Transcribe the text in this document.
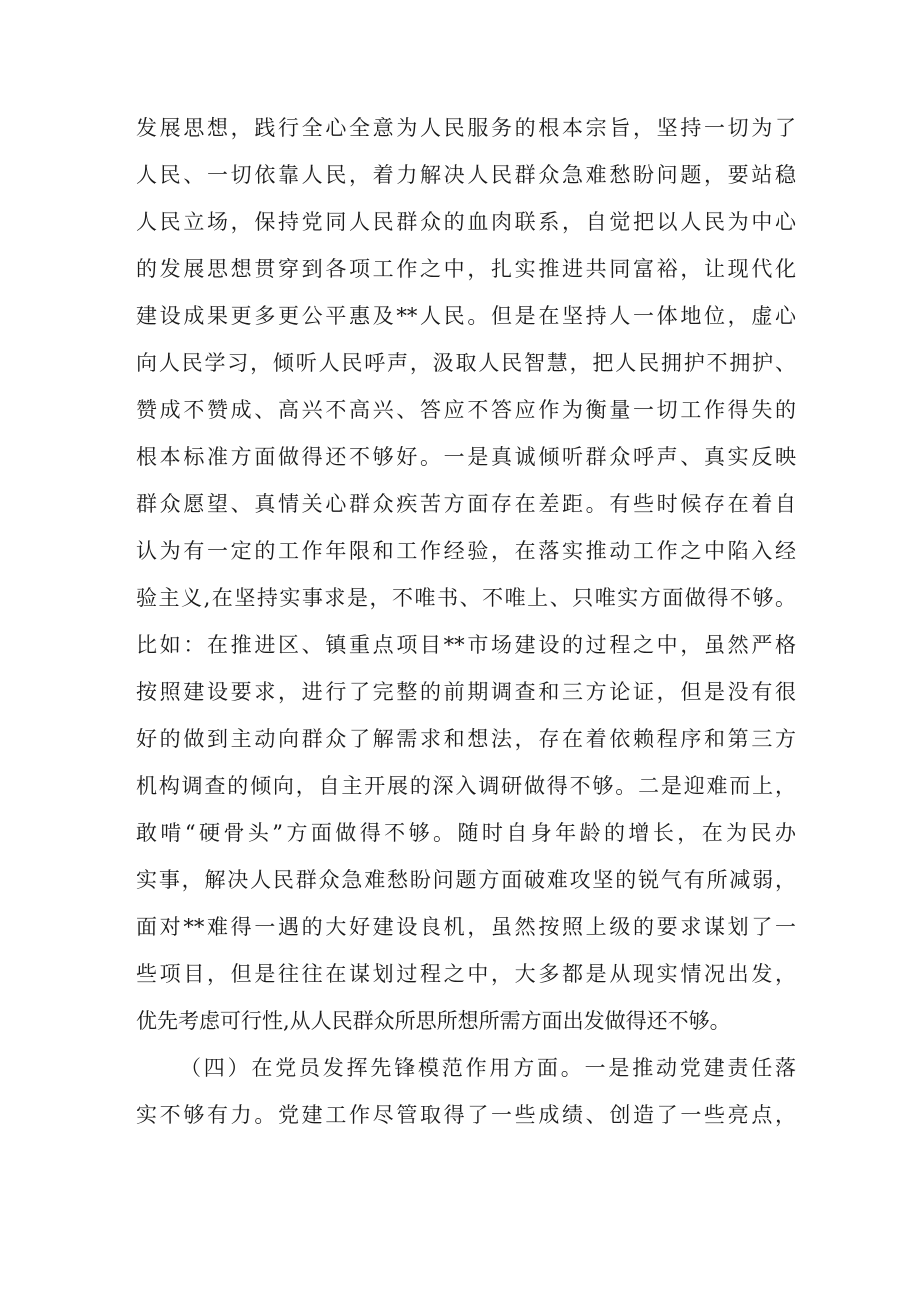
发展思想，践行全心全意为人民服务的根本宗旨，坚持一切为了
人民、一切依靠人民，着力解决人民群众急难愁盼问题，要站稳
人民立场，保持党同人民群众的血肉联系，自觉把以人民为中心
的发展思想贯穿到各项工作之中，扎实推进共同富裕，让现代化
建设成果更多更公平惠及**人民。但是在坚持人一体地位，虚心
向人民学习，倾听人民呼声，汲取人民智慧，把人民拥护不拥护、
赞成不赞成、高兴不高兴、答应不答应作为衡量一切工作得失的
根本标准方面做得还不够好。一是真诚倾听群众呼声、真实反映
群众愿望、真情关心群众疾苦方面存在差距。有些时候存在着自
认为有一定的工作年限和工作经验，在落实推动工作之中陷入经
验主义,在坚持实事求是，不唯书、不唯上、只唯实方面做得不够。
比如：在推进区、镇重点项目**市场建设的过程之中，虽然严格
按照建设要求，进行了完整的前期调查和三方论证，但是没有很
好的做到主动向群众了解需求和想法，存在着依赖程序和第三方
机构调查的倾向，自主开展的深入调研做得不够。二是迎难而上，
敢啃“硬骨头”方面做得不够。随时自身年龄的增长，在为民办
实事，解决人民群众急难愁盼问题方面破难攻坚的锐气有所减弱，
面对**难得一遇的大好建设良机，虽然按照上级的要求谋划了一
些项目，但是往往在谋划过程之中，大多都是从现实情况出发，
优先考虑可行性,从人民群众所思所想所需方面出发做得还不够。
（四）在党员发挥先锋模范作用方面。一是推动党建责任落
实不够有力。党建工作尽管取得了一些成绩、创造了一些亮点，
